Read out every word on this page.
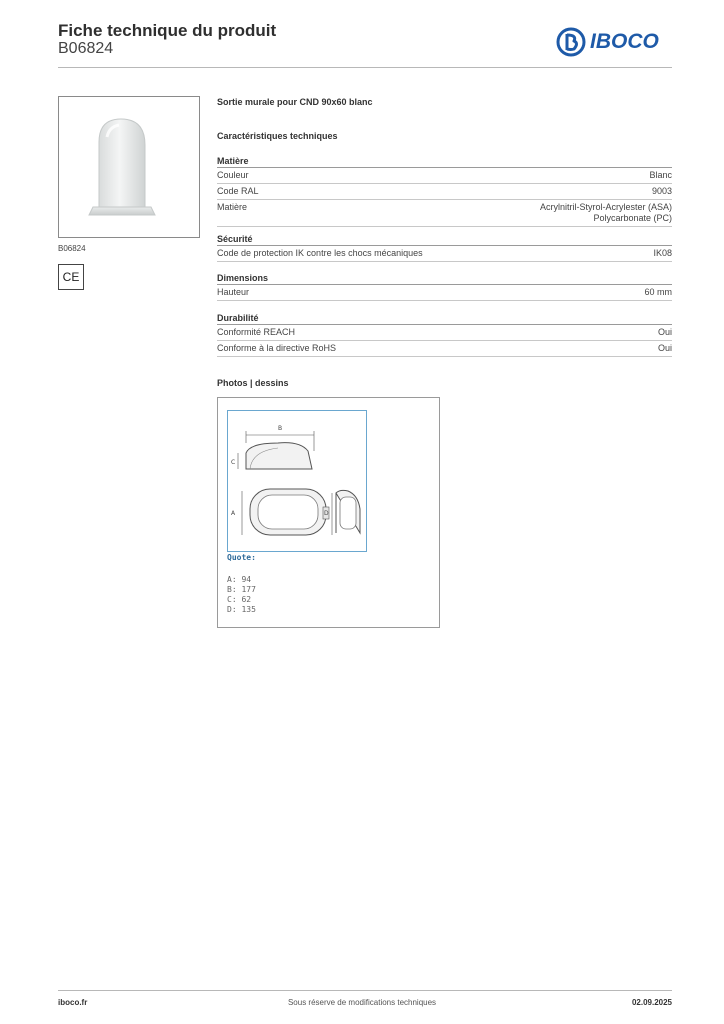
Fiche technique du produit
B06824	IBOCO
B06824
CE
Sortie murale pour CND 90x60 blanc
Caractéristiques techniques
Matière
Couleur	Blanc
Code RAL	9003
Matière	Acrylnitril-Styrol-Acrylester (ASA)
Polycarbonate (PC)
Sécurité
Code de protection IK contre les chocs mécaniques	IK08
Dimensions
Hauteur	60 mm
Durabilité
Conformité REACH	Oui
Conforme à la directive RoHS	Oui
Photos | dessins
B
C
A	D
Quote:
A: 94
B: 177
C: 62
D: 135
iboco.fr	Sous réserve de modifications techniques	02.09.2025
